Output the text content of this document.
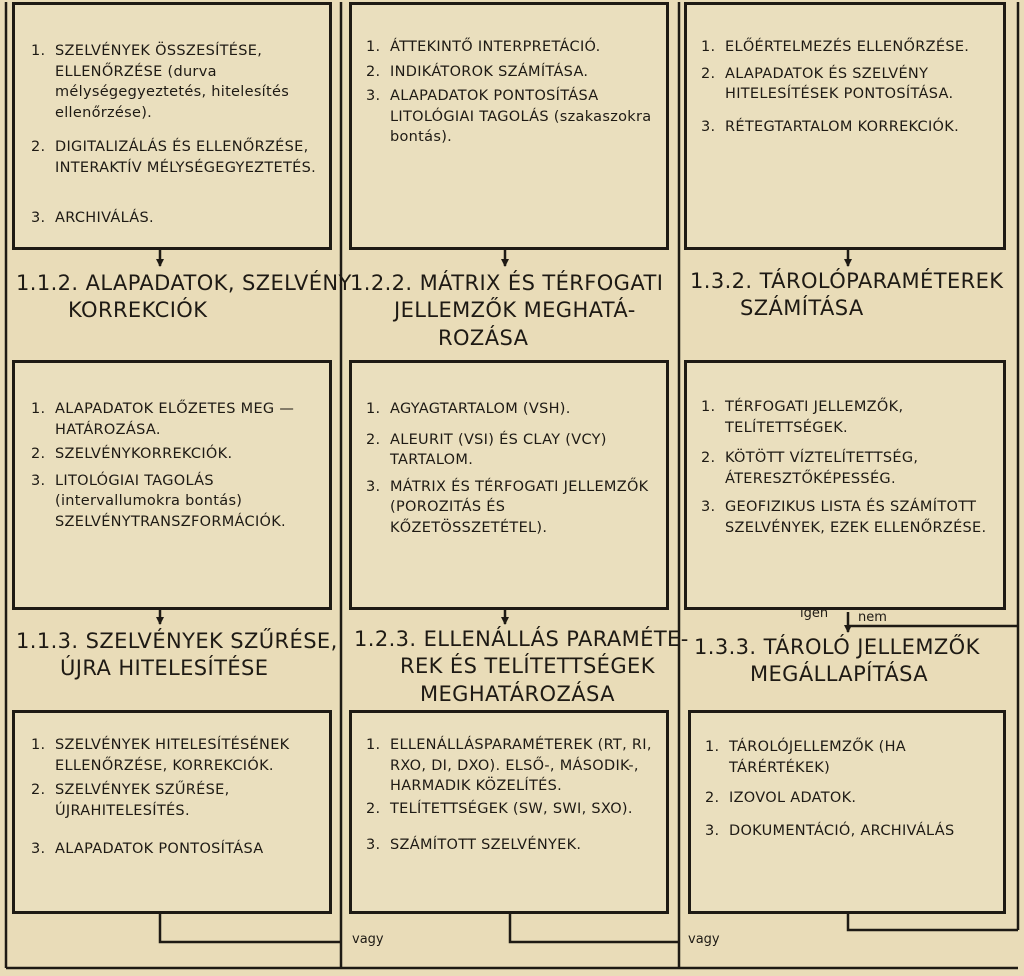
1. SZELVÉNYEK ÖSSZESÍTÉSE, ELLENŐRZÉSE (durva mélységegyeztetés, hitelesítés ellenőrzése).
2. DIGITALIZÁLÁS ÉS ELLENŐRZÉSE, INTERAKTÍV MÉLYSÉGEGYEZTETÉS.
3. ARCHIVÁLÁS.
1.1.2. ALAPADATOK, SZELVÉNY
KORREKCIÓK
1. ALAPADATOK ELŐZETES MEG — HATÁROZÁSA.
2. SZELVÉNYKORREKCIÓK.
3. LITOLÓGIAI TAGOLÁS (intervallumokra bontás) SZELVÉNYTRANSZFORMÁCIÓK.
1.1.3. SZELVÉNYEK SZŰRÉSE,
ÚJRA HITELESÍTÉSE
1. SZELVÉNYEK HITELESÍTÉSÉNEK ELLENŐRZÉSE, KORREKCIÓK.
2. SZELVÉNYEK SZŰRÉSE, ÚJRAHITELESÍTÉS.
3. ALAPADATOK PONTOSÍTÁSA
1. ÁTTEKINTŐ INTERPRETÁCIÓ.
2. INDIKÁTOROK SZÁMÍTÁSA.
3. ALAPADATOK PONTOSÍTÁSA LITOLÓGIAI TAGOLÁS (szakaszokra bontás).
1.2.2. MÁTRIX ÉS TÉRFOGATI
JELLEMZŐK MEGHATÁ-
ROZÁSA
1. AGYAGTARTALOM (VSH).
2. ALEURIT (VSI) ÉS CLAY (VCY) TARTALOM.
3. MÁTRIX ÉS TÉRFOGATI JELLEMZŐK (POROZITÁS ÉS KŐZETÖSSZETÉTEL).
1.2.3. ELLENÁLLÁS PARAMÉTE-
REK ÉS TELÍTETTSÉGEK
MEGHATÁROZÁSA
1. ELLENÁLLÁSPARAMÉTEREK (RT, RI, RXO, DI, DXO). ELSŐ-, MÁSODIK-, HARMADIK KÖZELÍTÉS.
2. TELÍTETTSÉGEK (SW, SWI, SXO).
3. SZÁMÍTOTT SZELVÉNYEK.
1. ELŐÉRTELMEZÉS ELLENŐRZÉSE.
2. ALAPADATOK ÉS SZELVÉNY HITELESÍTÉSEK PONTOSÍTÁSA.
3. RÉTEGTARTALOM KORREKCIÓK.
1.3.2. TÁROLÓPARAMÉTEREK
SZÁMÍTÁSA
1. TÉRFOGATI JELLEMZŐK, TELÍTETTSÉGEK.
2. KÖTÖTT VÍZTELÍTETTSÉG, ÁTERESZTŐKÉPESSÉG.
3. GEOFIZIKUS LISTA ÉS SZÁMÍTOTT SZELVÉNYEK, EZEK ELLENŐRZÉSE.
igen nem
1.3.3. TÁROLÓ JELLEMZŐK
MEGÁLLAPÍTÁSA
1. TÁROLÓJELLEMZŐK (HA TÁRÉRTÉKEK)
2. IZOVOL ADATOK.
3. DOKUMENTÁCIÓ, ARCHIVÁLÁS
vagy	vagy
